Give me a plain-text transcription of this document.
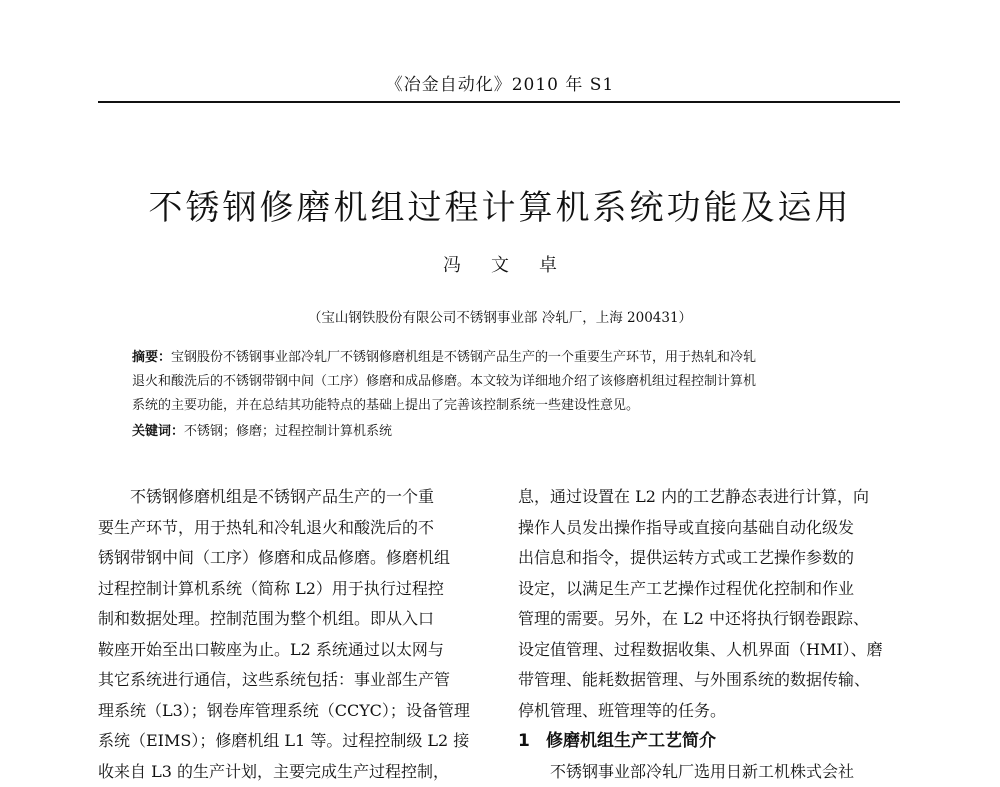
《冶金自动化》2010 年 S1
不锈钢修磨机组过程计算机系统功能及运用
冯文卓
（宝山钢铁股份有限公司不锈钢事业部 冷轧厂，上海 200431）
摘要：宝钢股份不锈钢事业部冷轧厂不锈钢修磨机组是不锈钢产品生产的一个重要生产环节，用于热轧和冷轧
退火和酸洗后的不锈钢带钢中间（工序）修磨和成品修磨。本文较为详细地介绍了该修磨机组过程控制计算机
系统的主要功能，并在总结其功能特点的基础上提出了完善该控制系统一些建设性意见。
关键词：不锈钢；修磨；过程控制计算机系统
不锈钢修磨机组是不锈钢产品生产的一个重
要生产环节，用于热轧和冷轧退火和酸洗后的不
锈钢带钢中间（工序）修磨和成品修磨。修磨机组
过程控制计算机系统（简称 L2）用于执行过程控
制和数据处理。控制范围为整个机组。即从入口
鞍座开始至出口鞍座为止。L2 系统通过以太网与
其它系统进行通信，这些系统包括：事业部生产管
理系统（L3）；钢卷库管理系统（CCYC）；设备管理
系统（EIMS）；修磨机组 L1 等。过程控制级 L2 接
收来自 L3 的生产计划，主要完成生产过程控制，
息，通过设置在 L2 内的工艺静态表进行计算，向
操作人员发出操作指导或直接向基础自动化级发
出信息和指令，提供运转方式或工艺操作参数的
设定，以满足生产工艺操作过程优化控制和作业
管理的需要。另外，在 L2 中还将执行钢卷跟踪、
设定值管理、过程数据收集、人机界面（HMI）、磨
带管理、能耗数据管理、与外围系统的数据传输、
停机管理、班管理等的任务。
1 修磨机组生产工艺简介
不锈钢事业部冷轧厂选用日新工机株式会社
